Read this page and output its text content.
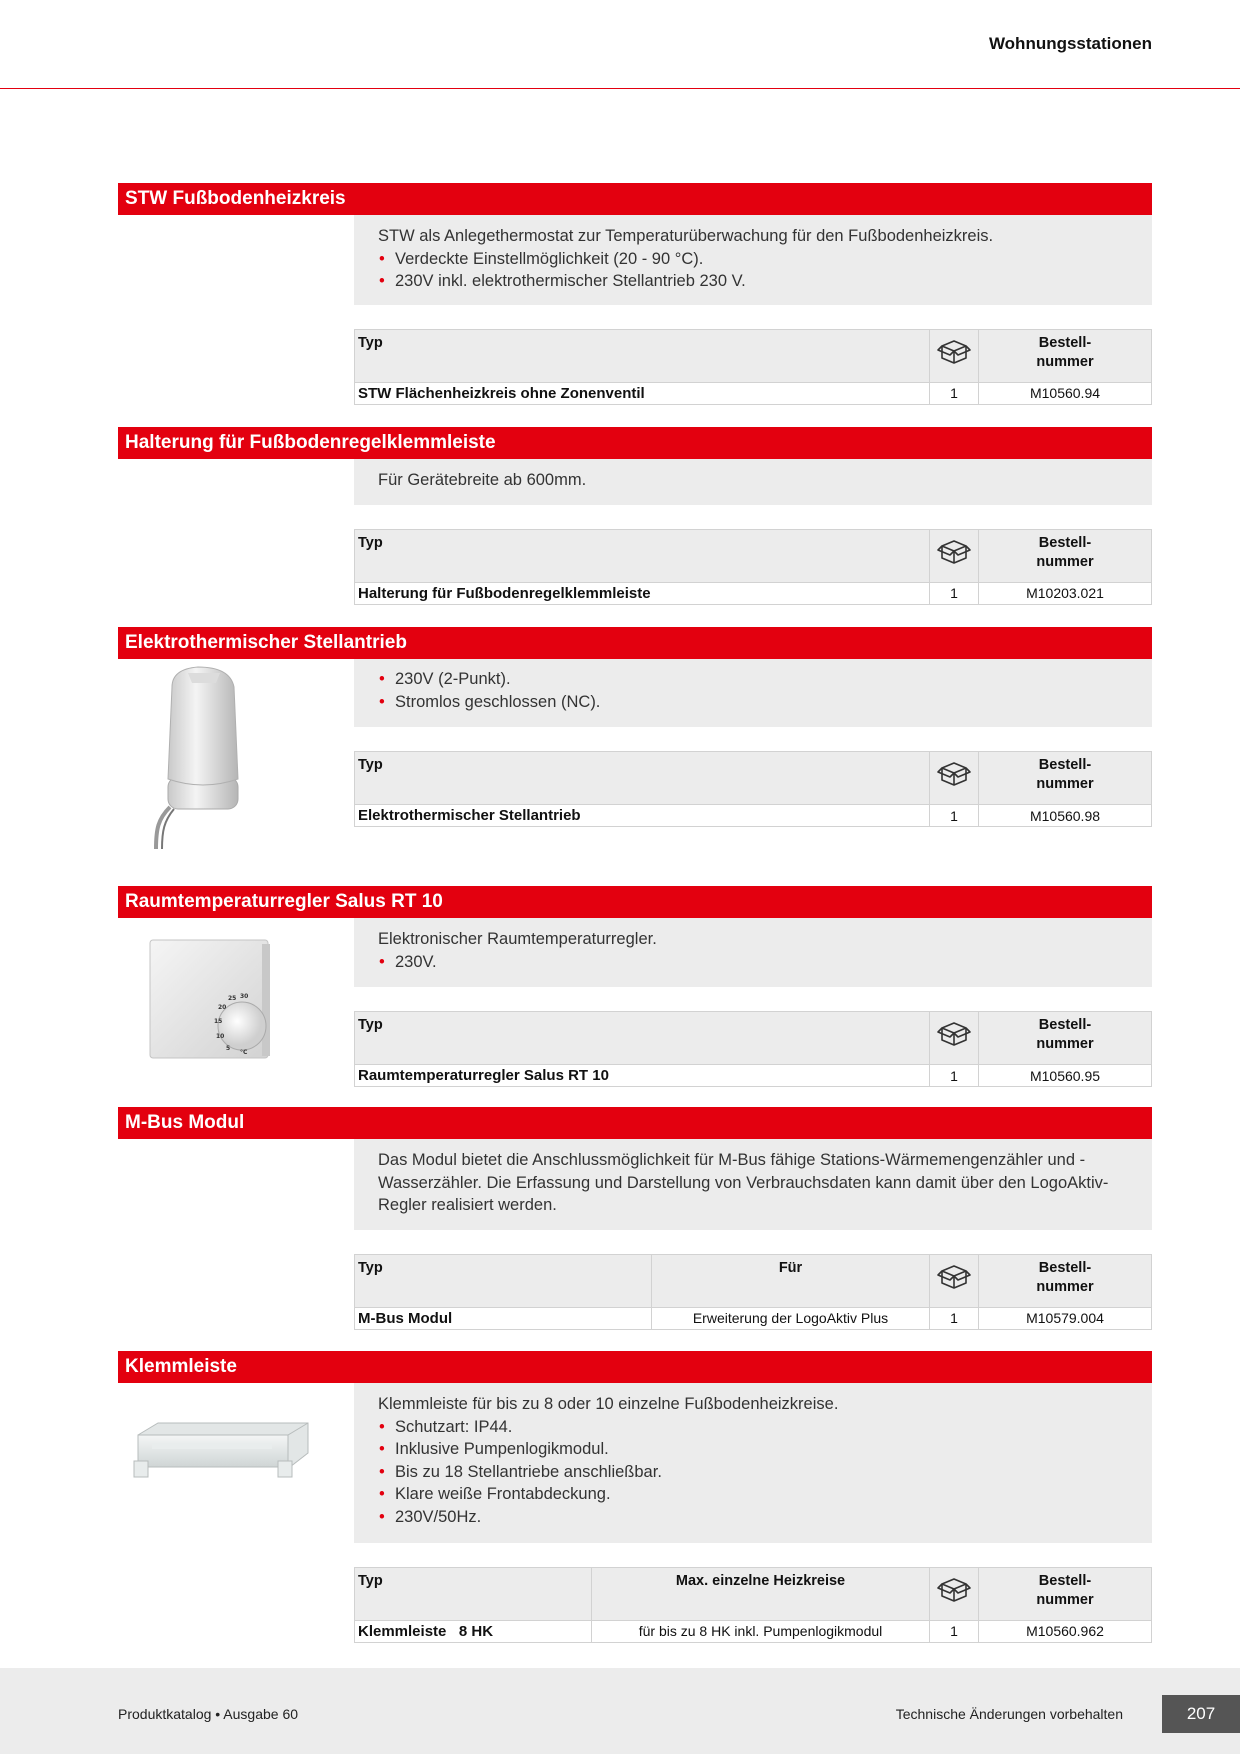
Wohnungsstationen
STW Fußbodenheizkreis
STW als Anlegethermostat zur Temperaturüberwachung für den Fußbodenheizkreis.
• Verdeckte Einstellmöglichkeit (20 - 90 °C).
• 230V inkl. elektrothermischer Stellantrieb 230 V.
Typ		Bestell-
nummer
STW Flächenheizkreis ohne Zonenventil	1	M10560.94
Halterung für Fußbodenregelklemmleiste
Für Gerätebreite ab 600mm.
Typ		Bestell-
nummer
Halterung für Fußbodenregelklemmleiste	1	M10203.021
Elektrothermischer Stellantrieb
• 230V (2-Punkt).
• Stromlos geschlossen (NC).
Typ		Bestell-
nummer
Elektrothermischer Stellantrieb	1	M10560.98
Raumtemperaturregler Salus RT 10
25 30
20
15
10
5
°C
Elektronischer Raumtemperaturregler.
• 230V.
Typ		Bestell-
nummer
Raumtemperaturregler Salus RT 10	1	M10560.95
M-Bus Modul
Das Modul bietet die Anschlussmöglichkeit für M-Bus fähige Stations-Wärmemengenzähler und -Wasserzähler. Die Erfassung und Darstellung von Verbrauchsdaten kann damit über den LogoAktiv-Regler realisiert werden.
Typ	Für		Bestell-
nummer
M-Bus Modul	Erweiterung der LogoAktiv Plus	1	M10579.004
Klemmleiste
Klemmleiste für bis zu 8 oder 10 einzelne Fußbodenheizkreise.
• Schutzart: IP44.
• Inklusive Pumpenlogikmodul.
• Bis zu 18 Stellantriebe anschließbar.
• Klare weiße Frontabdeckung.
• 230V/50Hz.
Typ	Max. einzelne Heizkreise		Bestell-
nummer
Klemmleiste   8 HK	für bis zu 8 HK inkl. Pumpenlogikmodul	1	M10560.962
Produktkatalog • Ausgabe 60	Technische Änderungen vorbehalten	207
